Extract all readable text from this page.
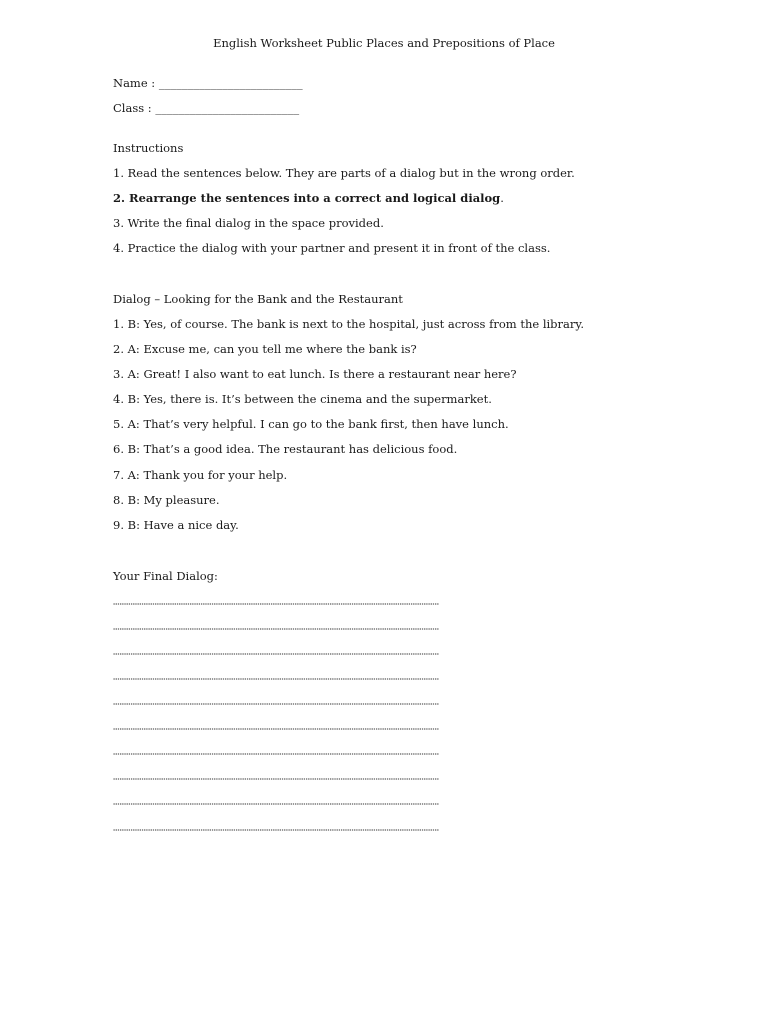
English Worksheet Public Places and Prepositions of Place
Name : _________________________
Class : _________________________
Instructions
1. Read the sentences below. They are parts of a dialog but in the wrong order.
2. Rearrange the sentences into a correct and logical dialog.
3. Write the final dialog in the space provided.
4. Practice the dialog with your partner and present it in front of the class.
Dialog – Looking for the Bank and the Restaurant
1. B: Yes, of course. The bank is next to the hospital, just across from the library.
2. A: Excuse me, can you tell me where the bank is?
3. A: Great! I also want to eat lunch. Is there a restaurant near here?
4. B: Yes, there is. It’s between the cinema and the supermarket.
5. A: That’s very helpful. I can go to the bank first, then have lunch.
6. B: That’s a good idea. The restaurant has delicious food.
7. A: Thank you for your help.
8. B: My pleasure.
9. B: Have a nice day.
Your Final Dialog:
